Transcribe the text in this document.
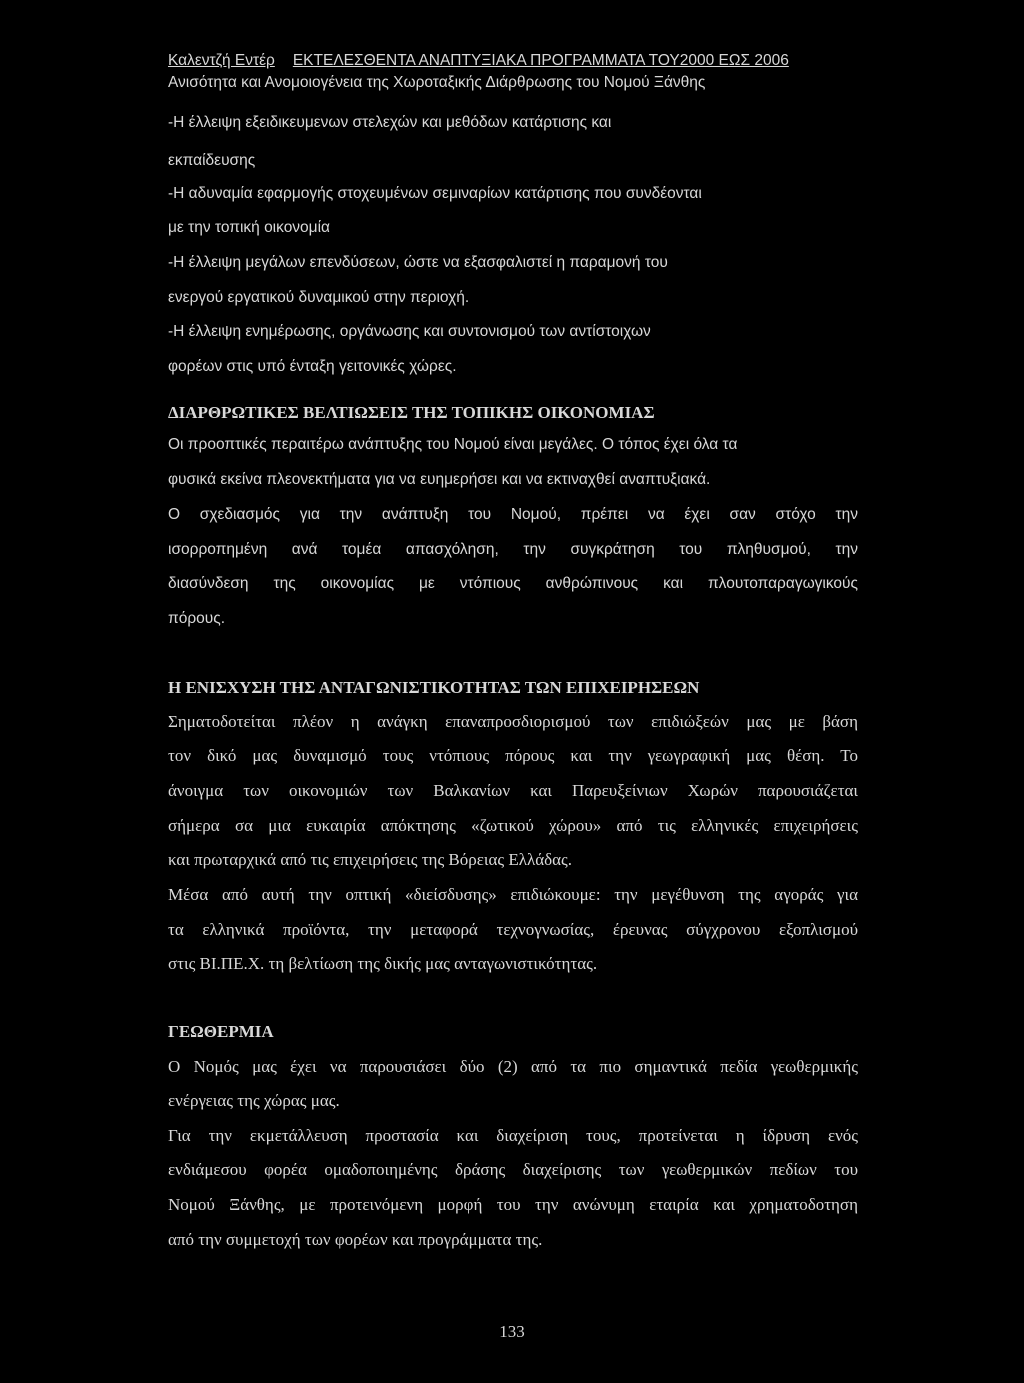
Καλεντζή Εντέρ ΕΚΤΕΛΕΣΘΕΝΤΑ ΑΝΑΠΤΥΞΙΑΚΑ ΠΡΟΓΡΑΜΜΑΤΑ ΤΟΥ2000 ΕΩΣ 2006
Ανισότητα και Ανομοιογένεια της Χωροταξικής Διάρθρωσης του Νομού Ξάνθης
-Η έλλειψη εξειδικευμενων στελεχών και μεθόδων κατάρτισης και
εκπαίδευσης
-Η αδυναμία εφαρμογής στοχευμένων σεμιναρίων κατάρτισης που συνδέονται
με την τοπική οικονομία
-Η έλλειψη μεγάλων επενδύσεων, ώστε να εξασφαλιστεί η παραμονή του
ενεργού εργατικού δυναμικού στην περιοχή.
-Η έλλειψη ενημέρωσης, οργάνωσης και συντονισμού των αντίστοιχων
φορέων στις υπό ένταξη γειτονικές χώρες.
ΔΙΑΡΘΡΩΤΙΚΕΣ ΒΕΛΤΙΩΣΕΙΣ ΤΗΣ ΤΟΠΙΚΗΣ ΟΙΚΟΝΟΜΙΑΣ
Οι προοπτικές περαιτέρω ανάπτυξης του Νομού είναι μεγάλες. Ο τόπος έχει όλα τα
φυσικά εκείνα πλεονεκτήματα για να ευημερήσει και να εκτιναχθεί αναπτυξιακά.
Ο σχεδιασμός για την ανάπτυξη του Νομού, πρέπει να έχει σαν στόχο την
ισορροπημένη ανά τομέα απασχόληση, την συγκράτηση του πληθυσμού, την
διασύνδεση της οικονομίας με ντόπιους ανθρώπινους και πλουτοπαραγωγικούς
πόρους.
Η ΕΝΙΣΧΥΣΗ ΤΗΣ ΑΝΤΑΓΩΝΙΣΤΙΚΟΤΗΤΑΣ ΤΩΝ ΕΠΙΧΕΙΡΗΣΕΩΝ
Σηματοδοτείται πλέον η ανάγκη επαναπροσδιορισμού των επιδιώξεών μας με βάση
τον δικό μας δυναμισμό τους ντόπιους πόρους και την γεωγραφική μας θέση. Το
άνοιγμα των οικονομιών των Βαλκανίων και Παρευξείνιων Χωρών παρουσιάζεται
σήμερα σα μια ευκαιρία απόκτησης «ζωτικού χώρου» από τις ελληνικές επιχειρήσεις
και πρωταρχικά από τις επιχειρήσεις της Βόρειας Ελλάδας.
Μέσα από αυτή την οπτική «διείσδυσης» επιδιώκουμε: την μεγέθυνση της αγοράς για
τα ελληνικά προϊόντα, την μεταφορά τεχνογνωσίας, έρευνας σύγχρονου εξοπλισμού
στις ΒΙ.ΠΕ.Χ. τη βελτίωση της δικής μας ανταγωνιστικότητας.
ΓΕΩΘΕΡΜΙΑ
Ο Νομός μας έχει να παρουσιάσει δύο (2) από τα πιο σημαντικά πεδία γεωθερμικής
ενέργειας της χώρας μας.
Για την εκμετάλλευση προστασία και διαχείριση τους, προτείνεται η ίδρυση ενός
ενδιάμεσου φορέα ομαδοποιημένης δράσης διαχείρισης των γεωθερμικών πεδίων του
Νομού Ξάνθης, με προτεινόμενη μορφή του την ανώνυμη εταιρία και χρηματοδοτηση
από την συμμετοχή των φορέων και προγράμματα της.
133
